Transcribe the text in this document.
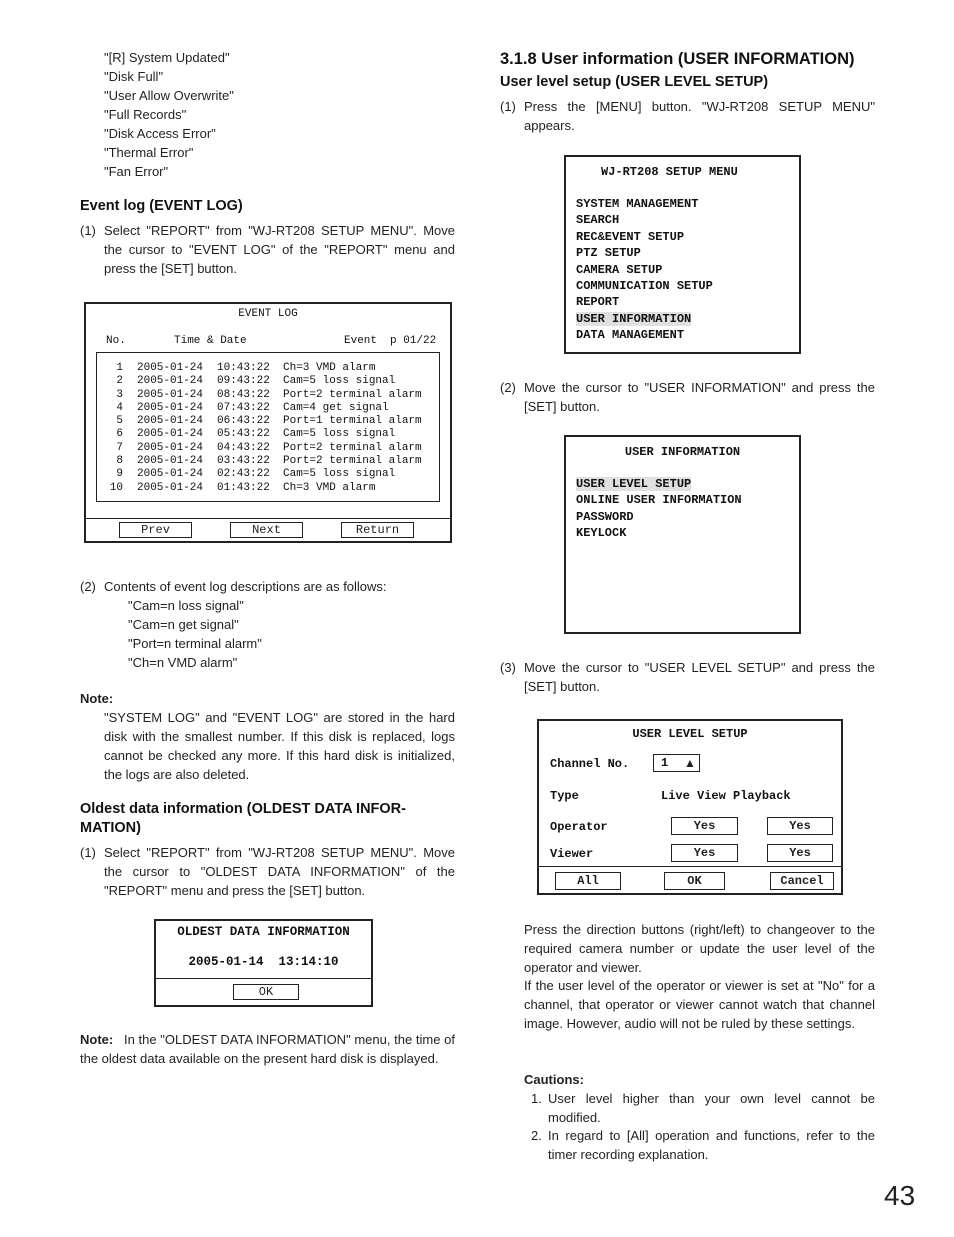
"[R] System Updated"
"Disk Full"
"User Allow Overwrite"
"Full Records"
"Disk Access Error"
"Thermal Error"
"Fan Error"
Event log (EVENT LOG)
(1) Select "REPORT" from "WJ-RT208 SETUP MENU". Move the cursor to "EVENT LOG" of the "REPORT" menu and press the [SET] button.
EVENT LOG
No.	Time & Date	Event p 01/22
1 2005-01-24 10:43:22 Ch=3 VMD alarm
2 2005-01-24 09:43:22 Cam=5 loss signal
3 2005-01-24 08:43:22 Port=2 terminal alarm
4 2005-01-24 07:43:22 Cam=4 get signal
5 2005-01-24 06:43:22 Port=1 terminal alarm
6 2005-01-24 05:43:22 Cam=5 loss signal
7 2005-01-24 04:43:22 Port=2 terminal alarm
8 2005-01-24 03:43:22 Port=2 terminal alarm
9 2005-01-24 02:43:22 Cam=5 loss signal
10 2005-01-24 01:43:22 Ch=3 VMD alarm
Prev	Next	Return
(2) Contents of event log descriptions are as follows:
"Cam=n loss signal"
"Cam=n get signal"
"Port=n terminal alarm"
"Ch=n VMD alarm"
Note:
"SYSTEM LOG" and "EVENT LOG" are stored in the hard disk with the smallest number. If this disk is replaced, logs cannot be checked any more. If this hard disk is initialized, the logs are also deleted.
Oldest data information (OLDEST DATA INFOR-
MATION)
(1) Select "REPORT" from "WJ-RT208 SETUP MENU". Move the cursor to "OLDEST DATA INFORMATION" of the "REPORT" menu and press the [SET] button.
OLDEST DATA INFORMATION
2005-01-14  13:14:10
OK
Note: In the "OLDEST DATA INFORMATION" menu, the time of the oldest data available on the present hard disk is displayed.
3.1.8 User information (USER INFORMATION)
User level setup (USER LEVEL SETUP)
(1) Press the [MENU] button. "WJ-RT208 SETUP MENU" appears.
WJ-RT208 SETUP MENU
SYSTEM MANAGEMENT
SEARCH
REC&EVENT SETUP
PTZ SETUP
CAMERA SETUP
COMMUNICATION SETUP
REPORT
USER INFORMATION
DATA MANAGEMENT
(2) Move the cursor to "USER INFORMATION" and press the [SET] button.
USER INFORMATION
USER LEVEL SETUP
ONLINE USER INFORMATION
PASSWORD
KEYLOCK
(3) Move the cursor to "USER LEVEL SETUP" and press the [SET] button.
USER LEVEL SETUP
Channel No.	1 ▲
Type	Live View Playback
Operator	Yes	Yes
Viewer	Yes	Yes
All	OK	Cancel
Press the direction buttons (right/left) to changeover to the required camera number or update the user level of the operator and viewer.
If the user level of the operator or viewer is set at "No" for a channel, that operator or viewer cannot watch that channel image. However, audio will not be ruled by these settings.
Cautions:
1. User level higher than your own level cannot be modified.
2. In regard to [All] operation and functions, refer to the timer recording explanation.
43
